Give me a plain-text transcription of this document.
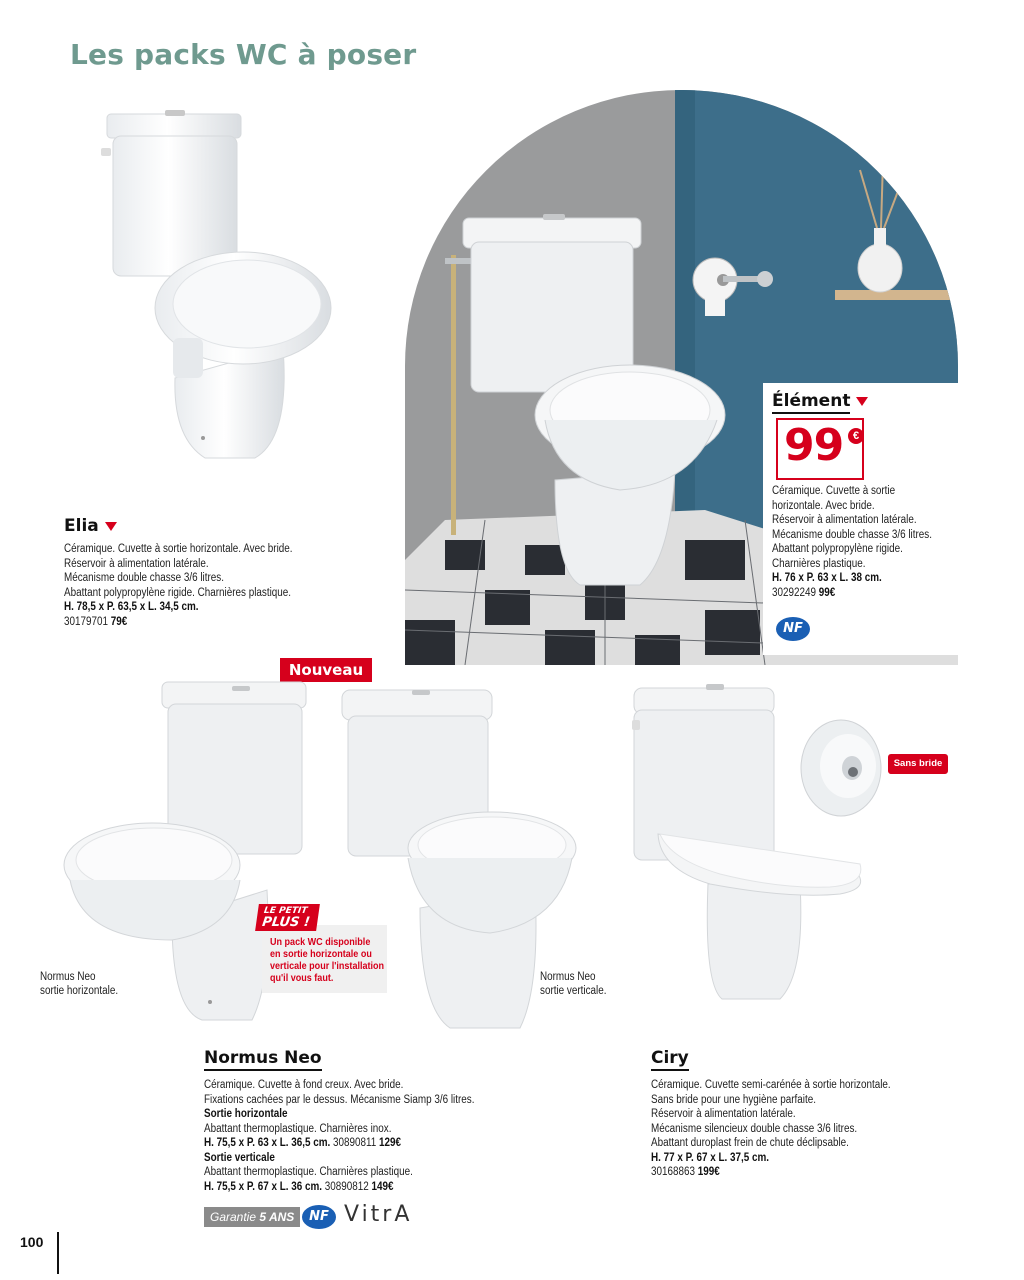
Les packs WC à poser
Elia
Céramique. Cuvette à sortie horizontale. Avec bride.
Réservoir à alimentation latérale.
Mécanisme double chasse 3/6 litres.
Abattant polypropylène rigide. Charnières plastique.
H. 78,5 x P. 63,5 x L. 34,5 cm.
30179701 79€
Élément
99 €
Céramique. Cuvette à sortie
horizontale. Avec bride.
Réservoir à alimentation latérale.
Mécanisme double chasse 3/6 litres.
Abattant polypropylène rigide.
Charnières plastique.
H. 76 x P. 63 x L. 38 cm.
30292249 99€
NF
Nouveau
Normus Neo
sortie horizontale.
Normus Neo
sortie verticale.
LE PETIT
PLUS !
Un pack WC disponible
en sortie horizontale ou
verticale pour l'installation
qu'il vous faut.
Normus Neo
Céramique. Cuvette à fond creux. Avec bride.
Fixations cachées par le dessus. Mécanisme Siamp 3/6 litres.
Sortie horizontale
Abattant thermoplastique. Charnières inox.
H. 75,5 x P. 63 x L. 36,5 cm. 30890811 129€
Sortie verticale
Abattant thermoplastique. Charnières plastique.
H. 75,5 x P. 67 x L. 36 cm. 30890812 149€
Garantie 5 ANS	NF VitrA
Sans bride
Ciry
Céramique. Cuvette semi-carénée à sortie horizontale.
Sans bride pour une hygiène parfaite.
Réservoir à alimentation latérale.
Mécanisme silencieux double chasse 3/6 litres.
Abattant duroplast frein de chute déclipsable.
H. 77 x P. 67 x L. 37,5 cm.
30168863 199€
100
